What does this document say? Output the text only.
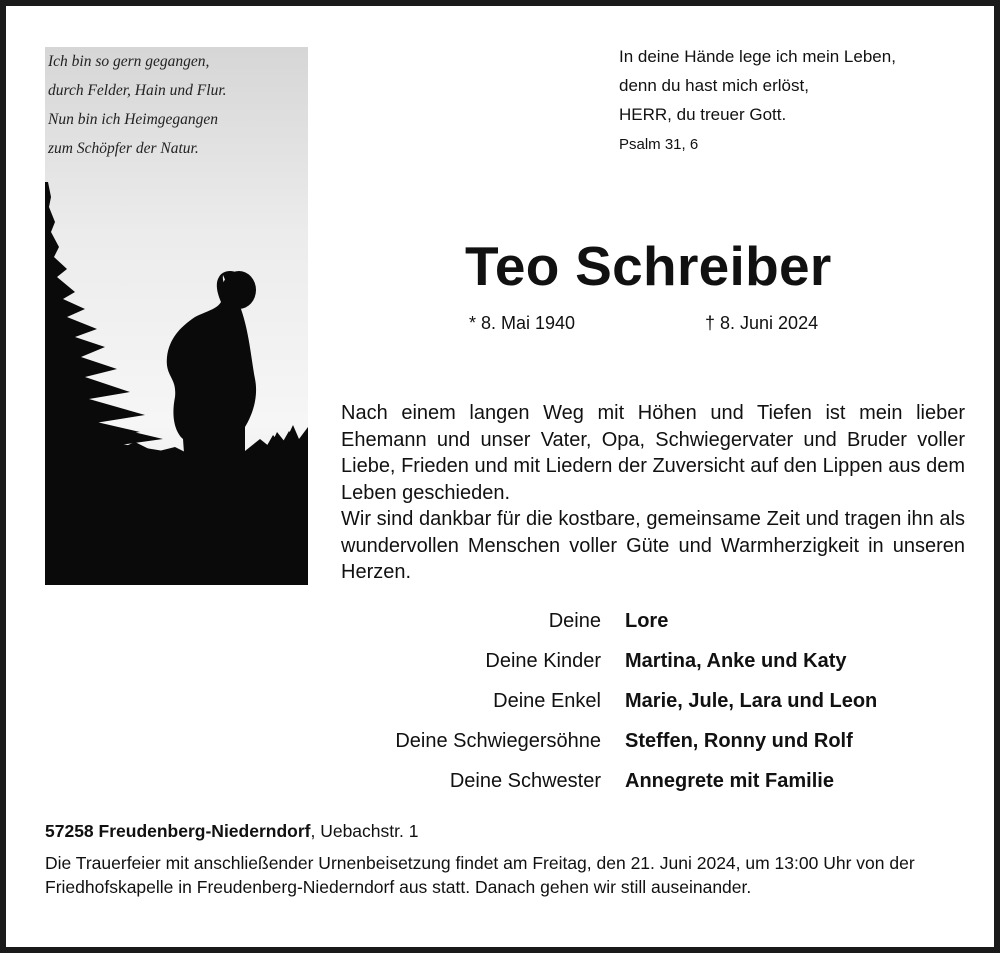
Ich bin so gern gegangen,
durch Felder, Hain und Flur.
Nun bin ich Heimgegangen
zum Schöpfer der Natur.
In deine Hände lege ich mein Leben,
denn du hast mich erlöst,
HERR, du treuer Gott.
Psalm 31, 6
Teo Schreiber
* 8. Mai 1940	† 8. Juni 2024

Nach einem langen Weg mit Höhen und Tiefen ist mein lieber Ehemann und unser Vater, Opa, Schwiegervater und Bruder voller Liebe, Frieden und mit Liedern der Zuversicht auf den Lippen aus dem Leben geschieden.

Wir sind dankbar für die kostbare, gemeinsame Zeit und tragen ihn als wundervollen Menschen voller Güte und Warmherzigkeit in unseren Herzen.

Deine Lore
Deine Kinder Martina, Anke und Katy
Deine Enkel Marie, Jule, Lara und Leon
Deine Schwiegersöhne Steffen, Ronny und Rolf
Deine Schwester Annegrete mit Familie
57258 Freudenberg-Niederndorf, Uebachstr. 1
Die Trauerfeier mit anschließender Urnenbeisetzung findet am Freitag, den 21. Juni 2024, um 13:00 Uhr von der Friedhofskapelle in Freudenberg-Niederndorf aus statt. Danach gehen wir still auseinander.
